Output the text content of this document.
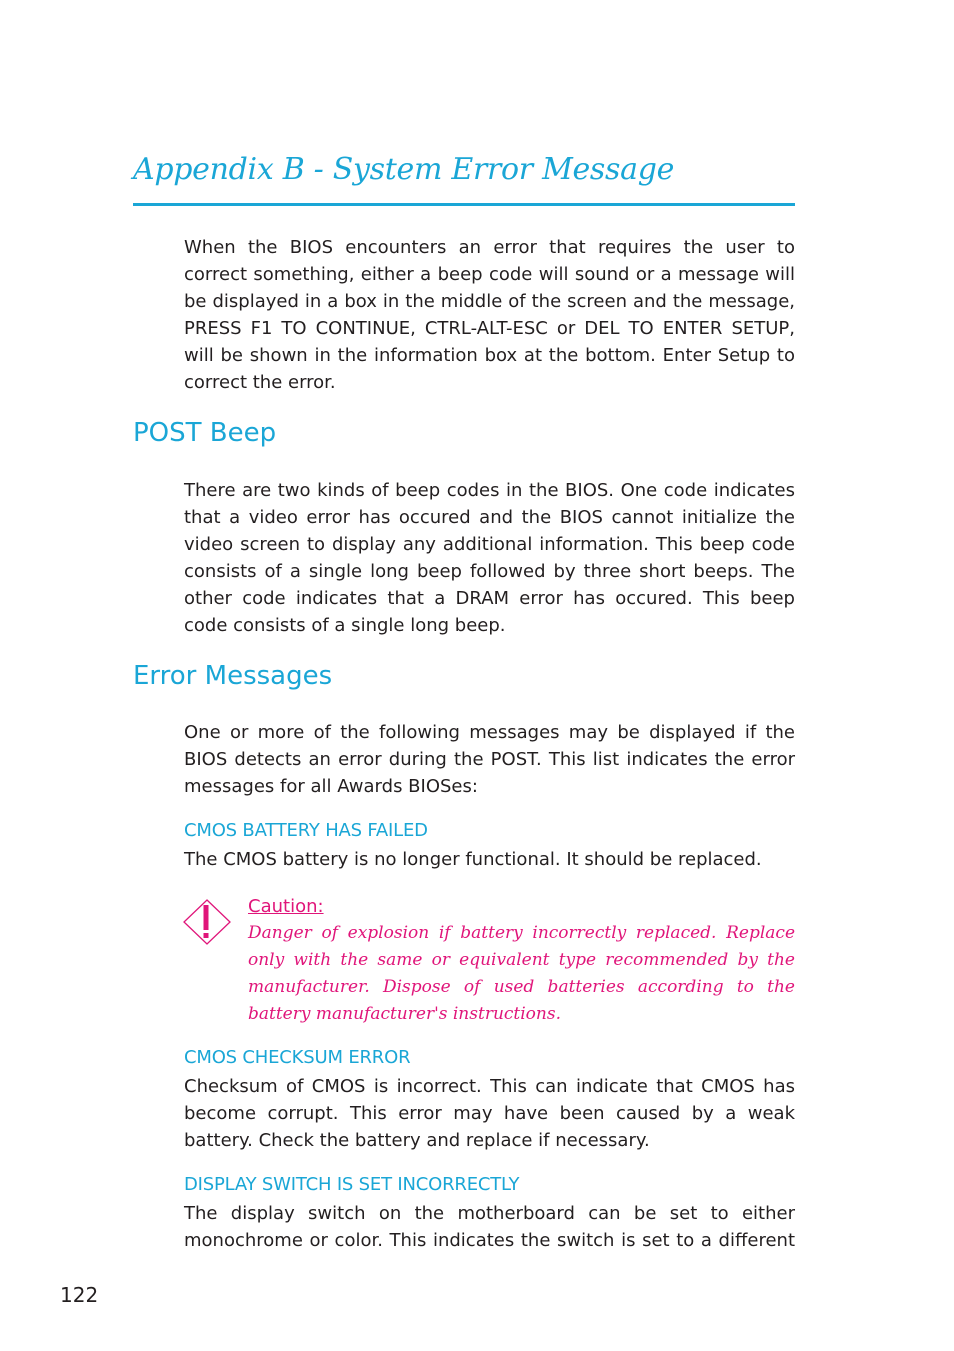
Appendix B - System Error Message

When the BIOS encounters an error that requires the user to correct something, either a beep code will sound or a message will be displayed in a box in the middle of the screen and the message, PRESS F1 TO CONTINUE, CTRL-ALT-ESC or DEL TO ENTER SETUP, will be shown in the information box at the bottom. Enter Setup to correct the error.

POST Beep

There are two kinds of beep codes in the BIOS. One code indicates that a video error has occured and the BIOS cannot initialize the video screen to display any additional information. This beep code consists of a single long beep followed by three short beeps. The other code indicates that a DRAM error has occured. This beep code consists of a single long beep.

Error Messages

One or more of the following messages may be displayed if the BIOS detects an error during the POST. This list indicates the error messages for all Awards BIOSes:

CMOS BATTERY HAS FAILED

The CMOS battery is no longer functional. It should be replaced.

Caution:

Danger of explosion if battery incorrectly replaced. Replace only with the same or equivalent type recommended by the manufacturer. Dispose of used batteries according to the battery manufacturer's instructions.

CMOS CHECKSUM ERROR

Checksum of CMOS is incorrect. This can indicate that CMOS has become corrupt. This error may have been caused by a weak battery. Check the battery and replace if necessary.

DISPLAY SWITCH IS SET INCORRECTLY

The display switch on the motherboard can be set to either monochrome or color. This indicates the switch is set to a different

122
